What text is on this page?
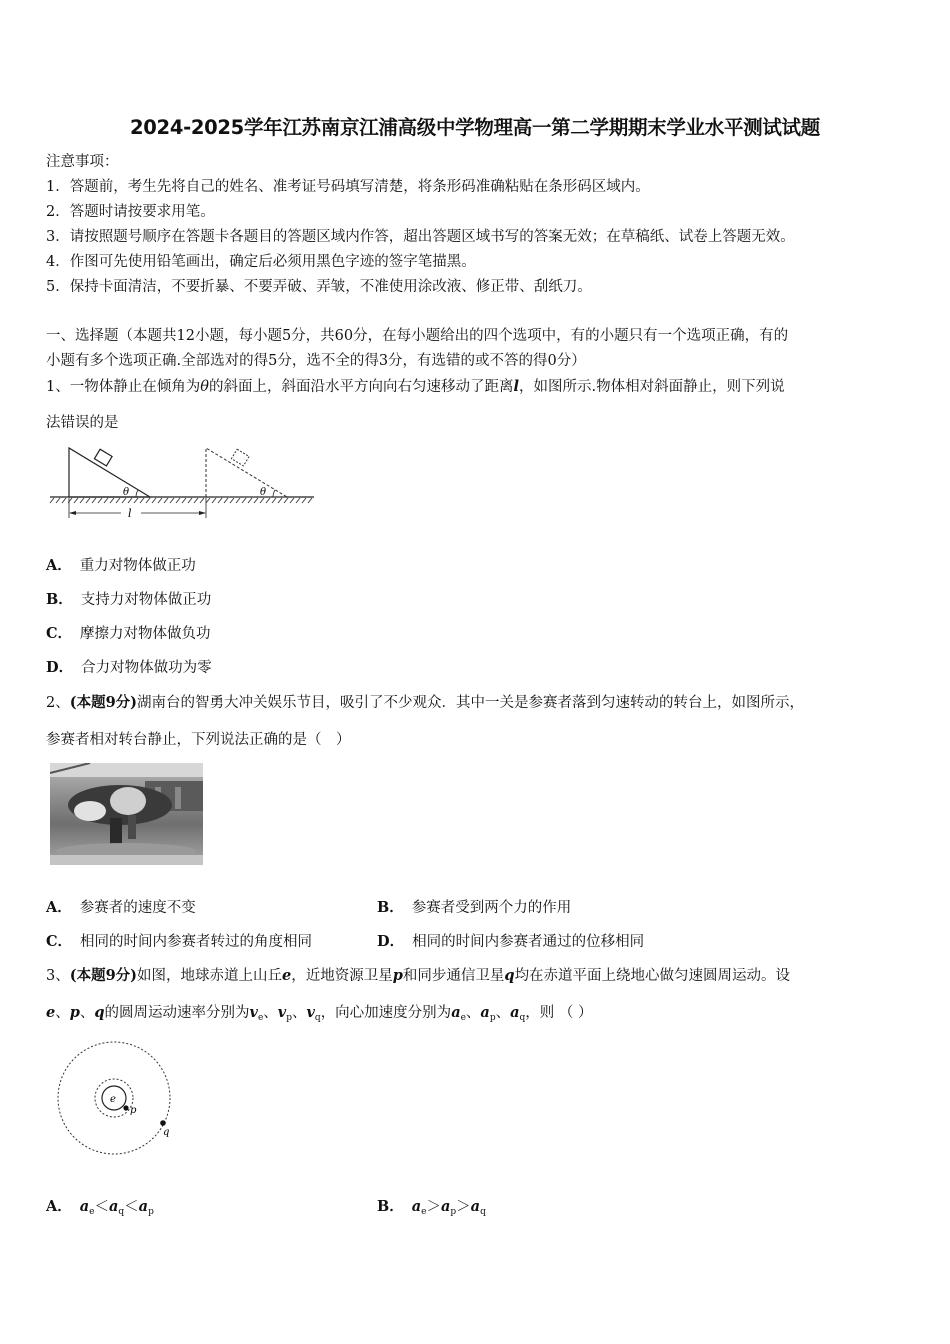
2024-2025学年江苏南京江浦高级中学物理高一第二学期期末学业水平测试试题
注意事项：
1．答题前，考生先将自己的姓名、准考证号码填写清楚，将条形码准确粘贴在条形码区域内。
2．答题时请按要求用笔。
3．请按照题号顺序在答题卡各题目的答题区域内作答，超出答题区域书写的答案无效；在草稿纸、试卷上答题无效。
4．作图可先使用铅笔画出，确定后必须用黑色字迹的签字笔描黑。
5．保持卡面清洁，不要折暴、不要弄破、弄皱，不准使用涂改液、修正带、刮纸刀。
一、选择题（本题共12小题，每小题5分，共60分，在每小题给出的四个选项中，有的小题只有一个选项正确，有的
小题有多个选项正确.全部选对的得5分，选不全的得3分，有选错的或不答的得0分）
1、一物体静止在倾角为θ的斜面上，斜面沿水平方向向右匀速移动了距离l，如图所示.物体相对斜面静止，则下列说
法错误的是
θ	θ
l
A． 重力对物体做正功
B． 支持力对物体做正功
C． 摩擦力对物体做负功
D． 合力对物体做功为零
2、(本题9分)湖南台的智勇大冲关娱乐节目，吸引了不少观众．其中一关是参赛者落到匀速转动的转台上，如图所示，
参赛者相对转台静止，下列说法正确的是（　）
A． 参赛者的速度不变	B． 参赛者受到两个力的作用
C． 相同的时间内参赛者转过的角度相同	D． 相同的时间内参赛者通过的位移相同
3、(本题9分)如图，地球赤道上山丘e，近地资源卫星p和同步通信卫星q均在赤道平面上绕地心做匀速圆周运动。设
e、p、q的圆周运动速率分别为$v_e$、$v_p$、$v_q$，向心加速度分别为$a_e$、$a_p$、$a_q$，则 （ ）
e
p
q
A． $a_e<a_q<a_p$	B． $a_e>a_p>a_q$
